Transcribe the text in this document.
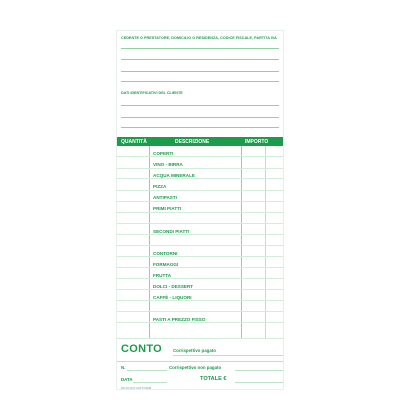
CEDENTE O PRESTATORE, DOMICILIO O RESIDENZA, CODICE FISCALE, PARTITA IVA
DATI IDENTIFICATIVI DEL CLIENTE
QUANTITÀ	DESCRIZIONE	IMPORTO
COPERTI
VINO - BIRRA
ACQUA MINERALE
PIZZA
ANTIPASTI
PRIMI PIATTI
SECONDI PIATTI
CONTORNI
FORMAGGI
FRUTTA
DOLCI - DESSERT
CAFFÈ - LIQUORI
PASTI A PREZZO FISSO
CONTO Corrispettivo pagato
N.	Corrispettivo non pagato
DATA	TOTALE €
DU13 DU7 FATTCR08
